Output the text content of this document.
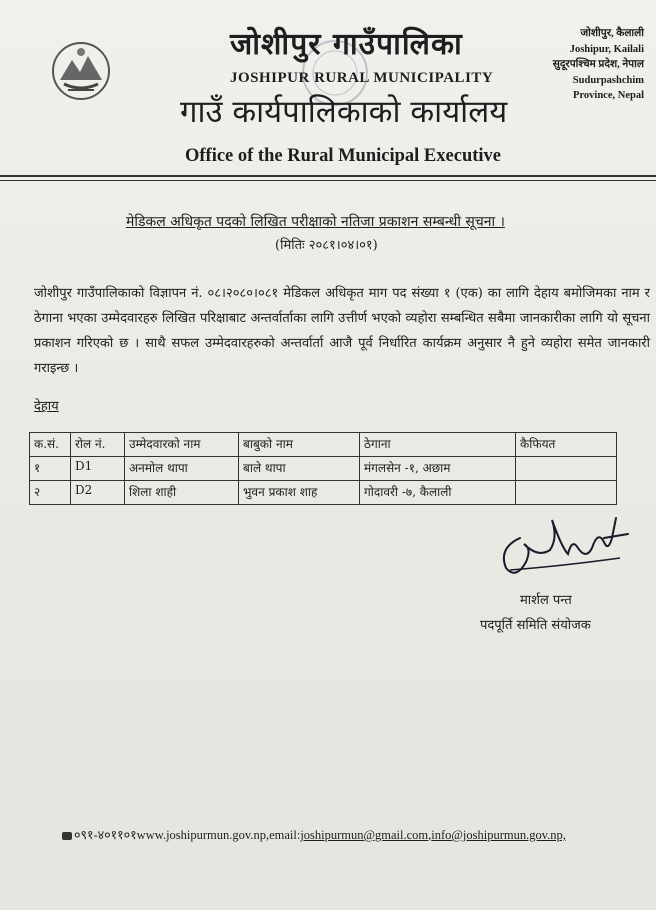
जोशीपुर गाउँपालिका
JOSHIPUR RURAL MUNICIPALITY
गाउँ कार्यपालिकाको कार्यालय
Office of the Rural Municipal Executive
जोशीपुर, कैलाली
Joshipur, Kailali
सुदूरपश्चिम प्रदेश, नेपाल
Sudurpashchim
Province, Nepal
मेडिकल अधिकृत पदको लिखित परीक्षाको नतिजा प्रकाशन सम्बन्धी सूचना ।
(मितिः २०८१।०४।०१)
जोशीपुर गाउँपालिकाको विज्ञापन नं. ०८।२०८०।०८१ मेडिकल अधिकृत माग पद संख्या १ (एक) का लागि देहाय बमोजिमका नाम र ठेगाना भएका उम्मेदवारहरु लिखित परिक्षाबाट अन्तर्वार्ताका लागि उत्तीर्ण भएको व्यहोरा सम्बन्धित सबैमा जानकारीका लागि यो सूचना प्रकाशन गरिएको छ । साथै सफल उम्मेदवारहरुको अन्तर्वार्ता आजै पूर्व निर्धारित कार्यक्रम अनुसार नै हुने व्यहोरा समेत जानकारी गराइन्छ ।
देहाय
क.सं.	रोल नं.	उम्मेदवारको नाम	बाबुको नाम	ठेगाना	कैफियत
१	D1	अनमोल थापा	बाले थापा	मंगलसेन -१, अछाम	
२	D2	शिला शाही	भुवन प्रकाश शाह	गोदावरी -७, कैलाली	
मार्शल पन्त
पदपूर्ति समिति संयोजक
०९१-४०११०१www.joshipurmun.gov.np,email:joshipurmun@gmail.com,info@joshipurmun.gov.np,
